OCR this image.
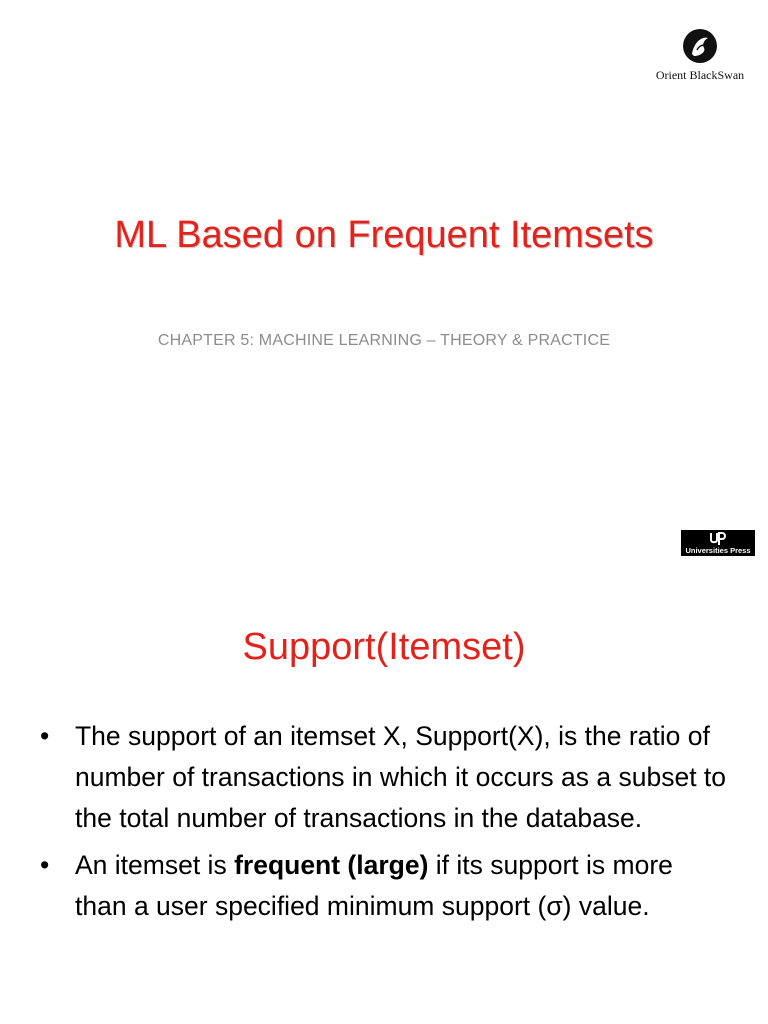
Orient BlackSwan
ML Based on Frequent Itemsets
CHAPTER 5: MACHINE LEARNING – THEORY & PRACTICE
Universities Press
Support(Itemset)
• The support of an itemset X, Support(X), is the ratio of number of transactions in which it occurs as a subset to the total number of transactions in the database.
• An itemset is frequent (large) if its support is more than a user specified minimum support (σ) value.
